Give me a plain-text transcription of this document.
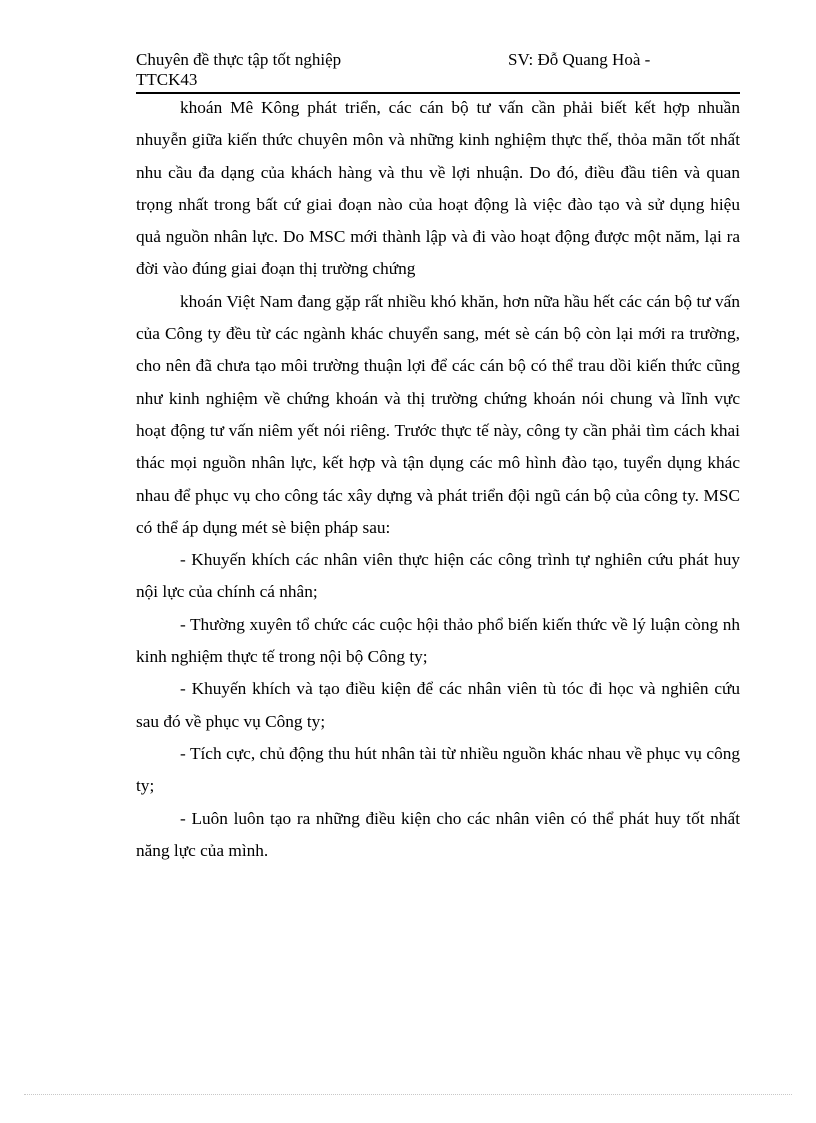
Chuyên đề thực tập tốt nghiệp	SV: Đỗ Quang Hoà -
TTCK43

khoán Mê Kông phát triển, các cán bộ tư vấn cần phải biết kết hợp nhuần nhuyễn giữa kiến thức chuyên môn và những kinh nghiệm thực thế, thỏa mãn tốt nhất nhu cầu đa dạng của khách hàng và thu về lợi nhuận. Do đó, điều đầu tiên và quan trọng nhất trong bất cứ giai đoạn nào của hoạt động là việc đào tạo và sử dụng hiệu quả nguồn nhân lực. Do MSC mới thành lập và đi vào hoạt động được một năm, lại ra đời vào đúng giai đoạn thị trường chứng

khoán Việt Nam đang gặp rất nhiều khó khăn, hơn nữa hầu hết các cán bộ tư vấn của Công ty đều từ các ngành khác chuyển sang, mét sè cán bộ còn lại mới ra trường, cho nên đã chưa tạo môi trường thuận lợi để các cán bộ có thể trau dồi kiến thức cũng như kinh nghiệm về chứng khoán và thị trường chứng khoán nói chung và lĩnh vực hoạt động tư vấn niêm yết nói riêng. Trước thực tế này, công ty cần phải tìm cách khai thác mọi nguồn nhân lực, kết hợp và tận dụng các mô hình đào tạo, tuyển dụng khác nhau để phục vụ cho công tác xây dựng và phát triển đội ngũ cán bộ của công ty. MSC có thể áp dụng mét sè biện pháp sau:

- Khuyến khích các nhân viên thực hiện các công trình tự nghiên cứu phát huy nội lực của chính cá nhân;

- Thường xuyên tổ chức các cuộc hội thảo phổ biến kiến thức về lý luận còng nh kinh nghiệm thực tế trong nội bộ Công ty;

- Khuyến khích và tạo điều kiện để các nhân viên tù tóc đi học và nghiên cứu sau đó về phục vụ Công ty;

- Tích cực, chủ động thu hút nhân tài từ nhiều nguồn khác nhau về phục vụ công ty;

- Luôn luôn tạo ra những điều kiện cho các nhân viên có thể phát huy tốt nhất năng lực của mình.
